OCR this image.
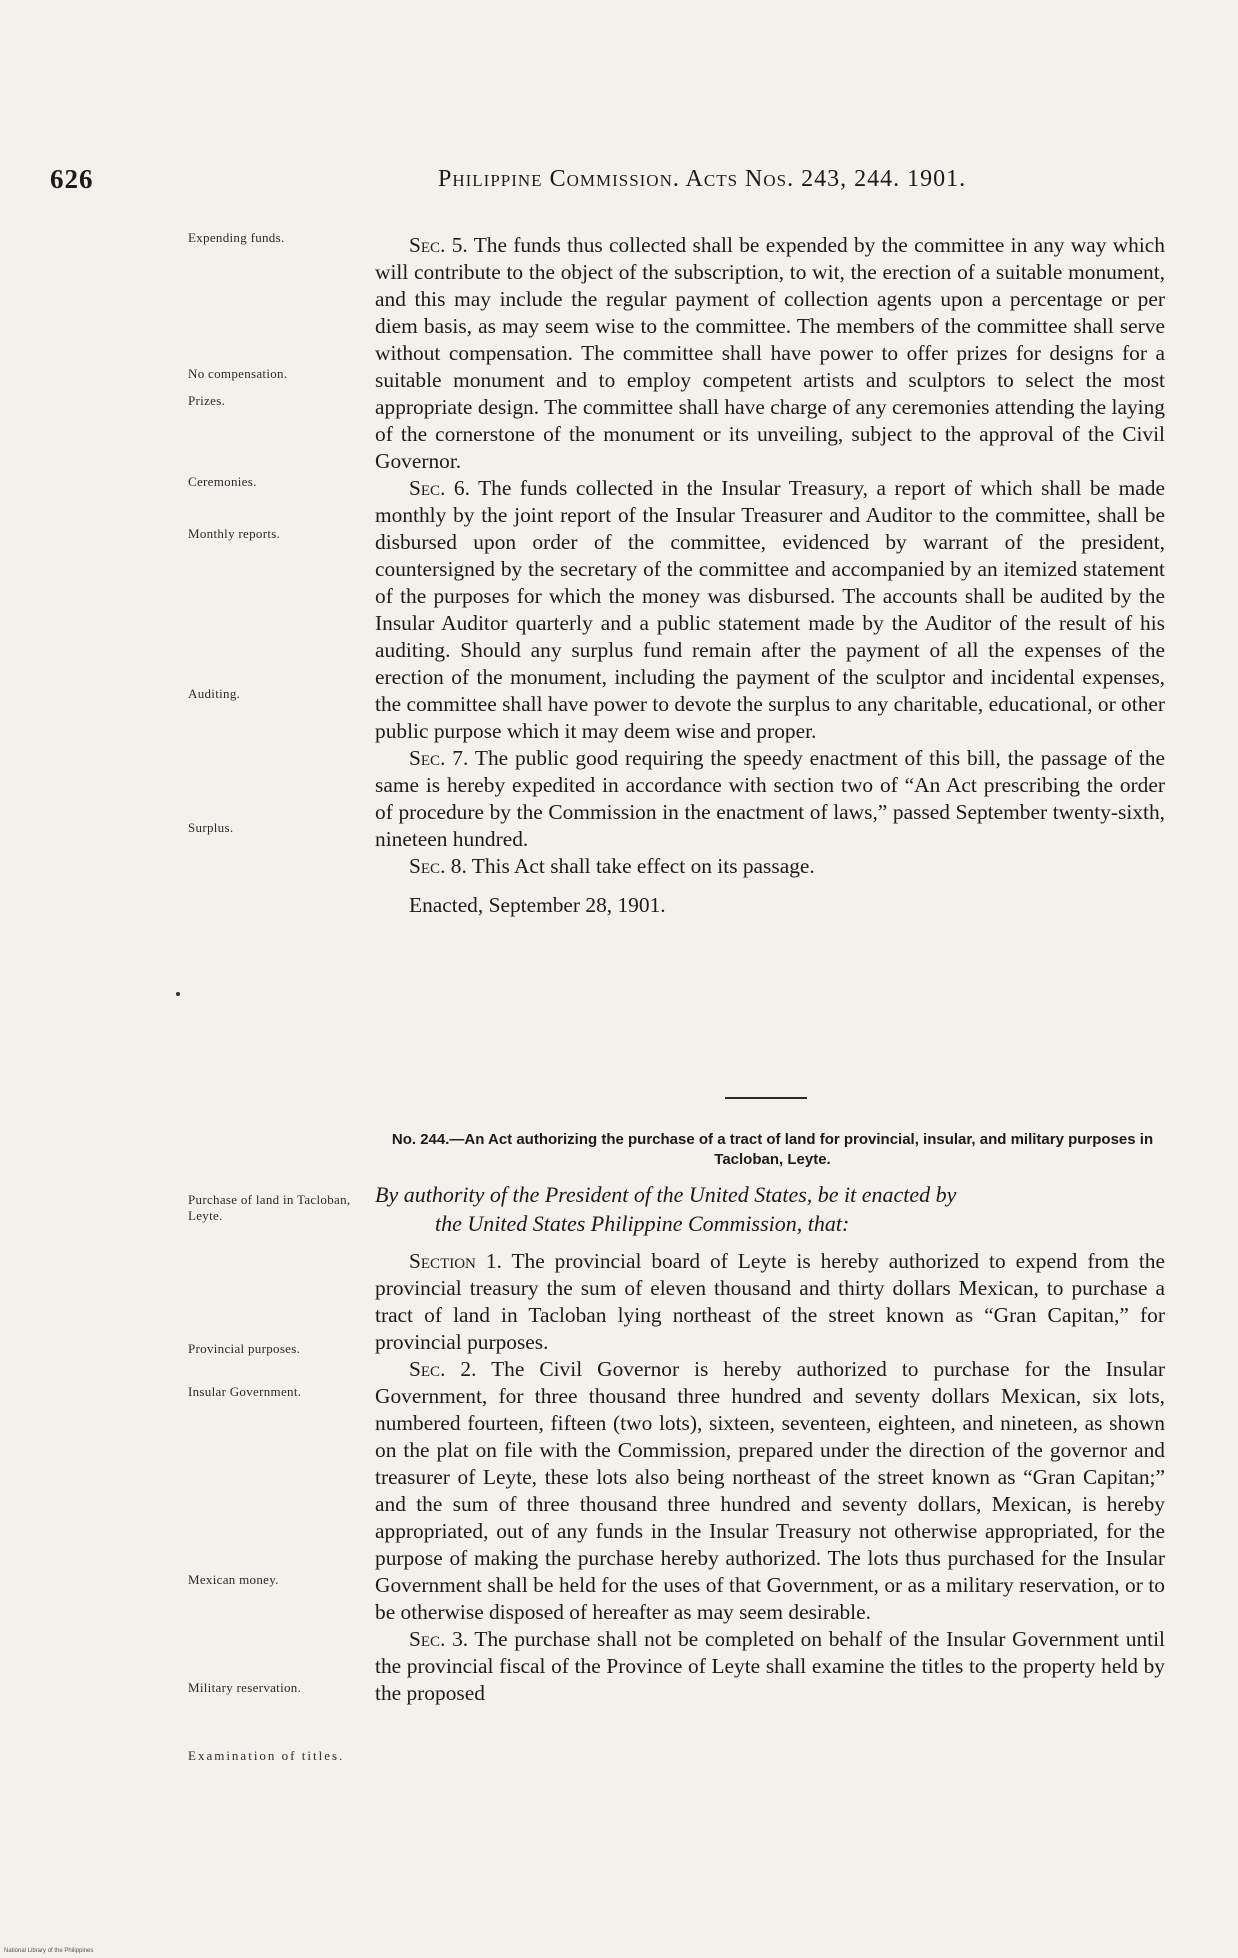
626	Philippine Commission. Acts Nos. 243, 244. 1901.
Expending funds.
No compensation.
Prizes.
Ceremonies.
Monthly reports.
Auditing.
Surplus.
Purchase of land in Tacloban, Leyte.
Provincial purposes.
Insular Government.
Mexican money.
Military reservation.
Examination of titles.

Sec. 5. The funds thus collected shall be expended by the committee in any way which will contribute to the object of the subscription, to wit, the erection of a suitable monument, and this may include the regular payment of collection agents upon a percentage or per diem basis, as may seem wise to the committee. The members of the committee shall serve without compensation. The committee shall have power to offer prizes for designs for a suitable monument and to employ competent artists and sculptors to select the most appropriate design. The committee shall have charge of any ceremonies attending the laying of the cornerstone of the monument or its unveiling, subject to the approval of the Civil Governor.

Sec. 6. The funds collected in the Insular Treasury, a report of which shall be made monthly by the joint report of the Insular Treasurer and Auditor to the committee, shall be disbursed upon order of the committee, evidenced by warrant of the president, countersigned by the secretary of the committee and accompanied by an itemized statement of the purposes for which the money was disbursed. The accounts shall be audited by the Insular Auditor quarterly and a public statement made by the Auditor of the result of his auditing. Should any surplus fund remain after the payment of all the expenses of the erection of the monument, including the payment of the sculptor and incidental expenses, the committee shall have power to devote the surplus to any charitable, educational, or other public purpose which it may deem wise and proper.

Sec. 7. The public good requiring the speedy enactment of this bill, the passage of the same is hereby expedited in accordance with section two of “An Act prescribing the order of procedure by the Commission in the enactment of laws,” passed September twenty-sixth, nineteen hundred.

Sec. 8. This Act shall take effect on its passage.

Enacted, September 28, 1901.

No. 244.—An Act authorizing the purchase of a tract of land for provincial, insular, and military purposes in Tacloban, Leyte.
By authority of the President of the United States, be it enacted by
the United States Philippine Commission, that:

Section 1. The provincial board of Leyte is hereby authorized to expend from the provincial treasury the sum of eleven thousand and thirty dollars Mexican, to purchase a tract of land in Tacloban lying northeast of the street known as “Gran Capitan,” for provincial purposes.

Sec. 2. The Civil Governor is hereby authorized to purchase for the Insular Government, for three thousand three hundred and seventy dollars Mexican, six lots, numbered fourteen, fifteen (two lots), sixteen, seventeen, eighteen, and nineteen, as shown on the plat on file with the Commission, prepared under the direction of the governor and treasurer of Leyte, these lots also being northeast of the street known as “Gran Capitan;” and the sum of three thousand three hundred and seventy dollars, Mexican, is hereby appropriated, out of any funds in the Insular Treasury not otherwise appropriated, for the purpose of making the purchase hereby authorized. The lots thus purchased for the Insular Government shall be held for the uses of that Government, or as a military reservation, or to be otherwise disposed of hereafter as may seem desirable.

Sec. 3. The purchase shall not be completed on behalf of the Insular Government until the provincial fiscal of the Province of Leyte shall examine the titles to the property held by the proposed

National Library of the Philippines
